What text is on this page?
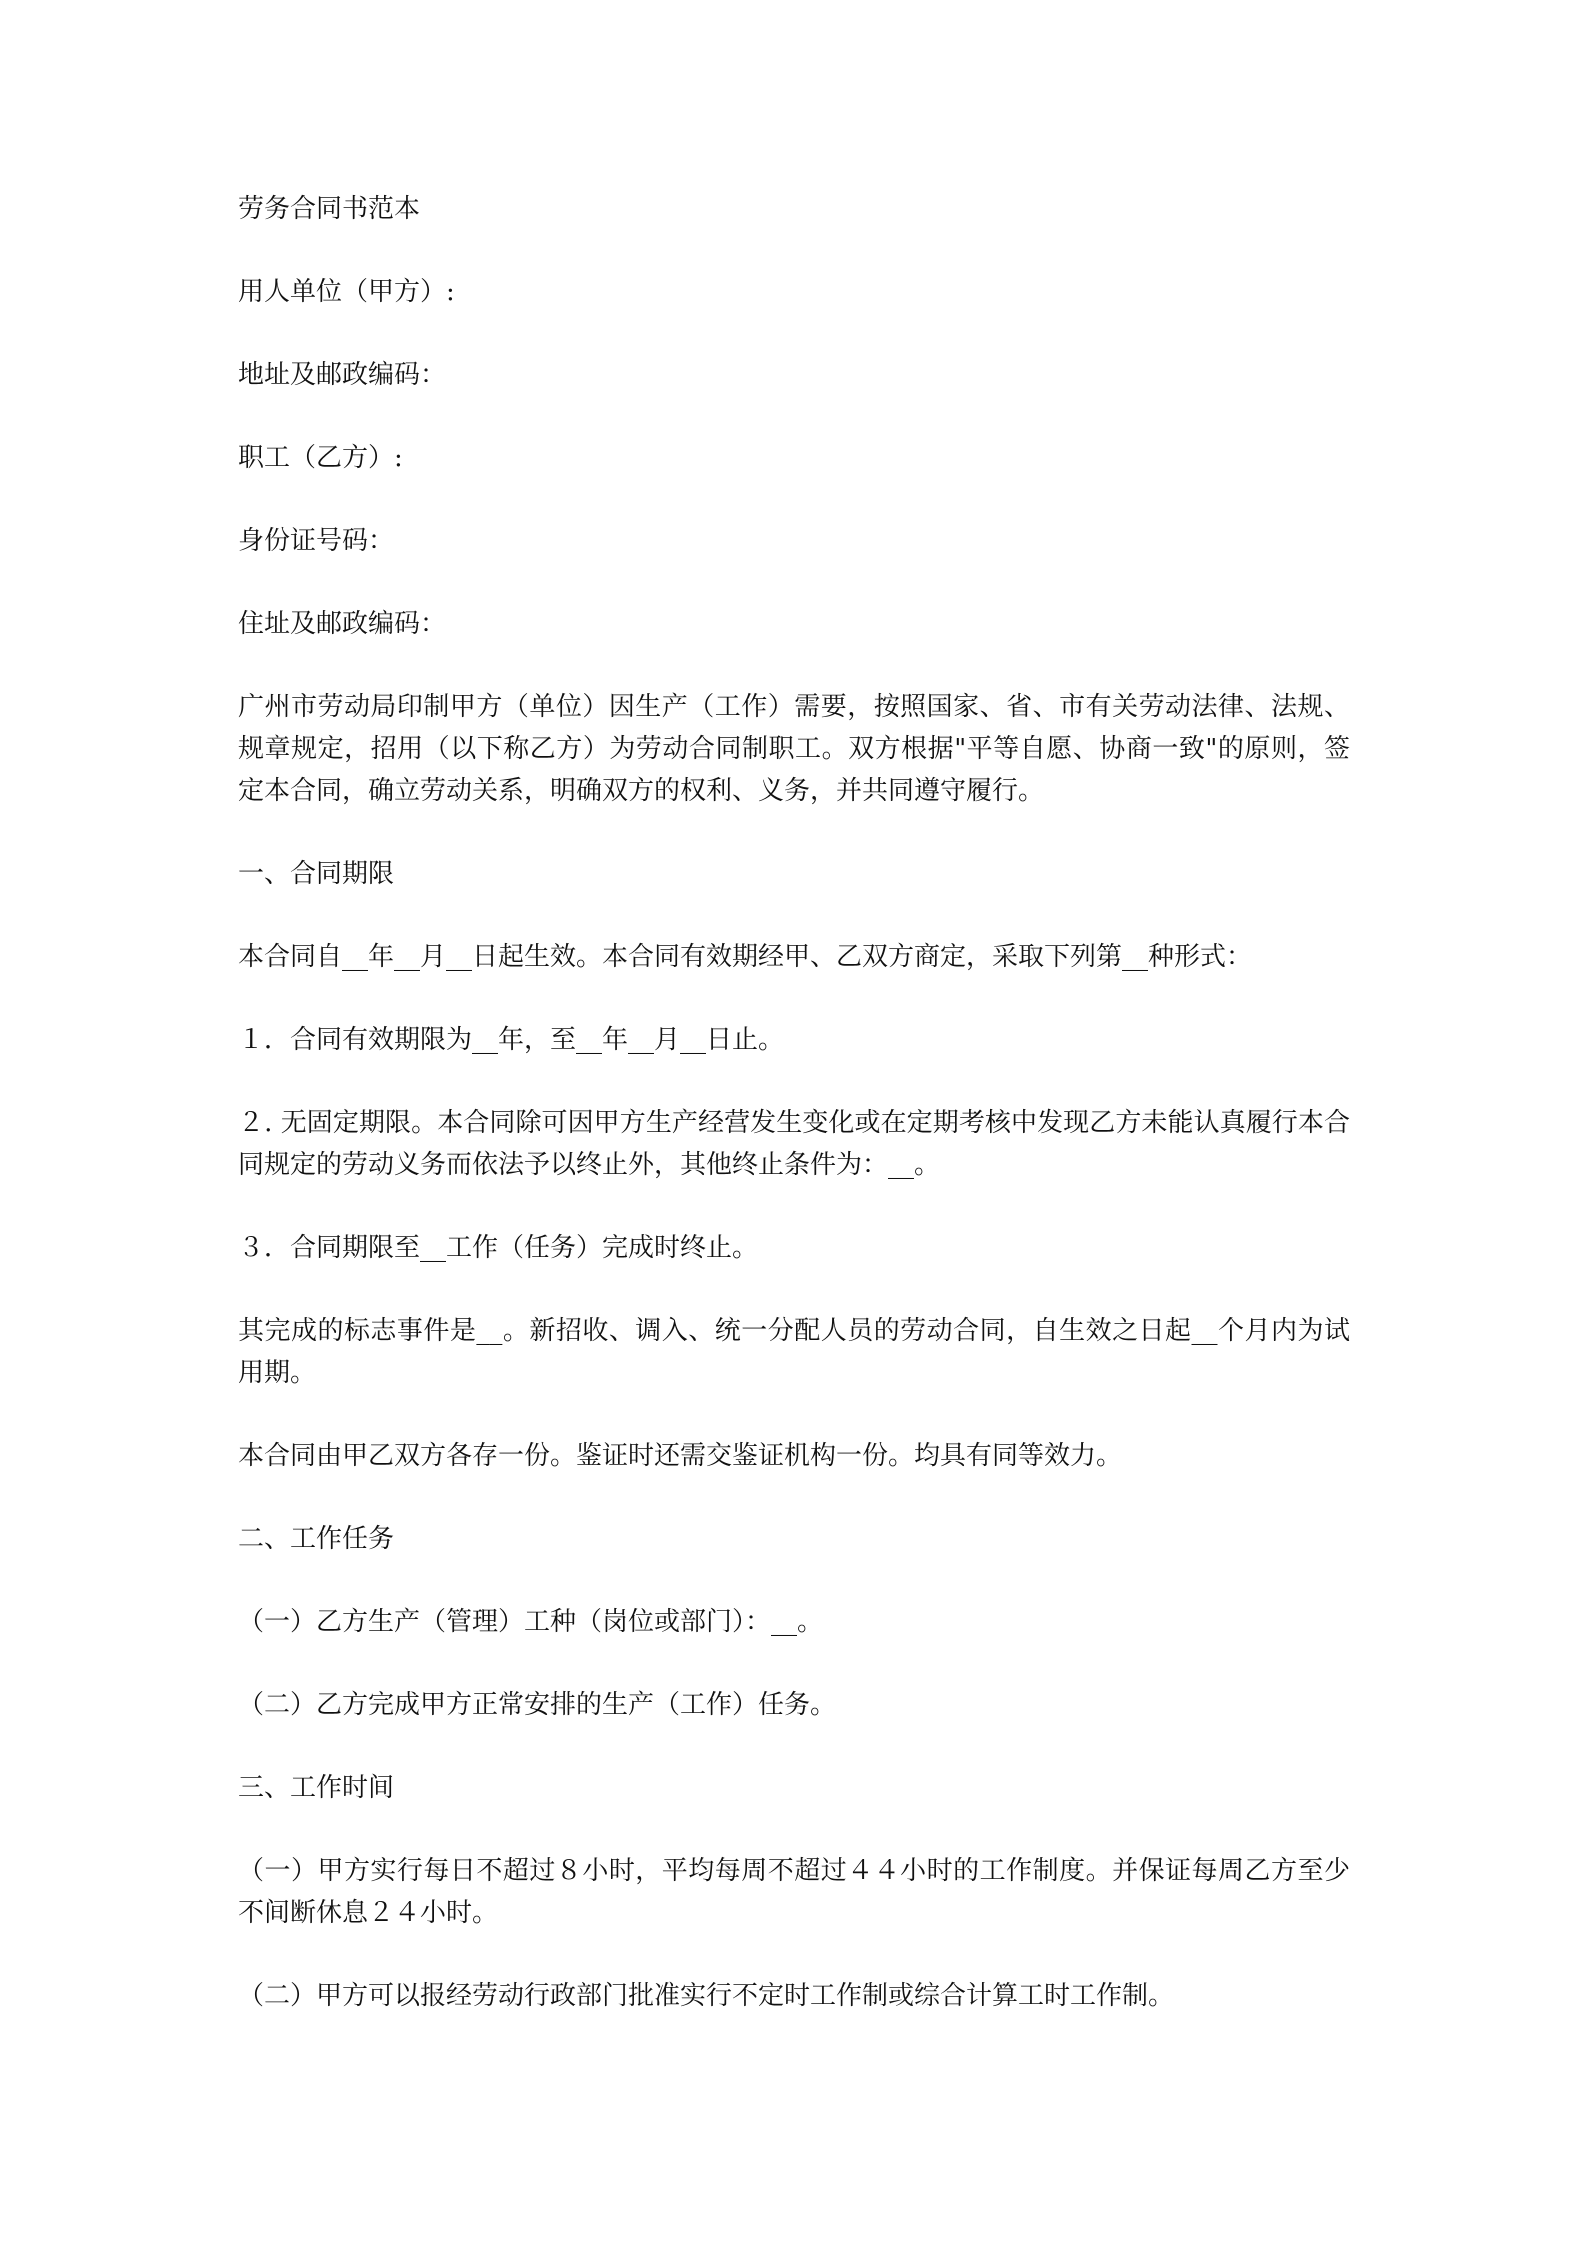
劳务合同书范本

用人单位（甲方）:

地址及邮政编码：

职工（乙方）:

身份证号码：

住址及邮政编码：

广州市劳动局印制甲方（单位）因生产（工作）需要，按照国家、省、市有关劳动法律、法规、规章规定，招用（以下称乙方）为劳动合同制职工。双方根据"平等自愿、协商一致"的原则，签定本合同，确立劳动关系，明确双方的权利、义务，并共同遵守履行。

一、合同期限

本合同自__年__月__日起生效。本合同有效期经甲、乙双方商定，采取下列第__种形式：

１．合同有效期限为__年，至__年__月__日止。

２. 无固定期限。本合同除可因甲方生产经营发生变化或在定期考核中发现乙方未能认真履行本合同规定的劳动义务而依法予以终止外，其他终止条件为：__。

３．合同期限至__工作（任务）完成时终止。

其完成的标志事件是__。新招收、调入、统一分配人员的劳动合同，自生效之日起__个月内为试用期。

本合同由甲乙双方各存一份。鉴证时还需交鉴证机构一份。均具有同等效力。

二、工作任务

（一）乙方生产（管理）工种（岗位或部门）：__。

（二）乙方完成甲方正常安排的生产（工作）任务。

三、工作时间

（一）甲方实行每日不超过８小时，平均每周不超过４４小时的工作制度。并保证每周乙方至少不间断休息２４小时。

（二）甲方可以报经劳动行政部门批准实行不定时工作制或综合计算工时工作制。
